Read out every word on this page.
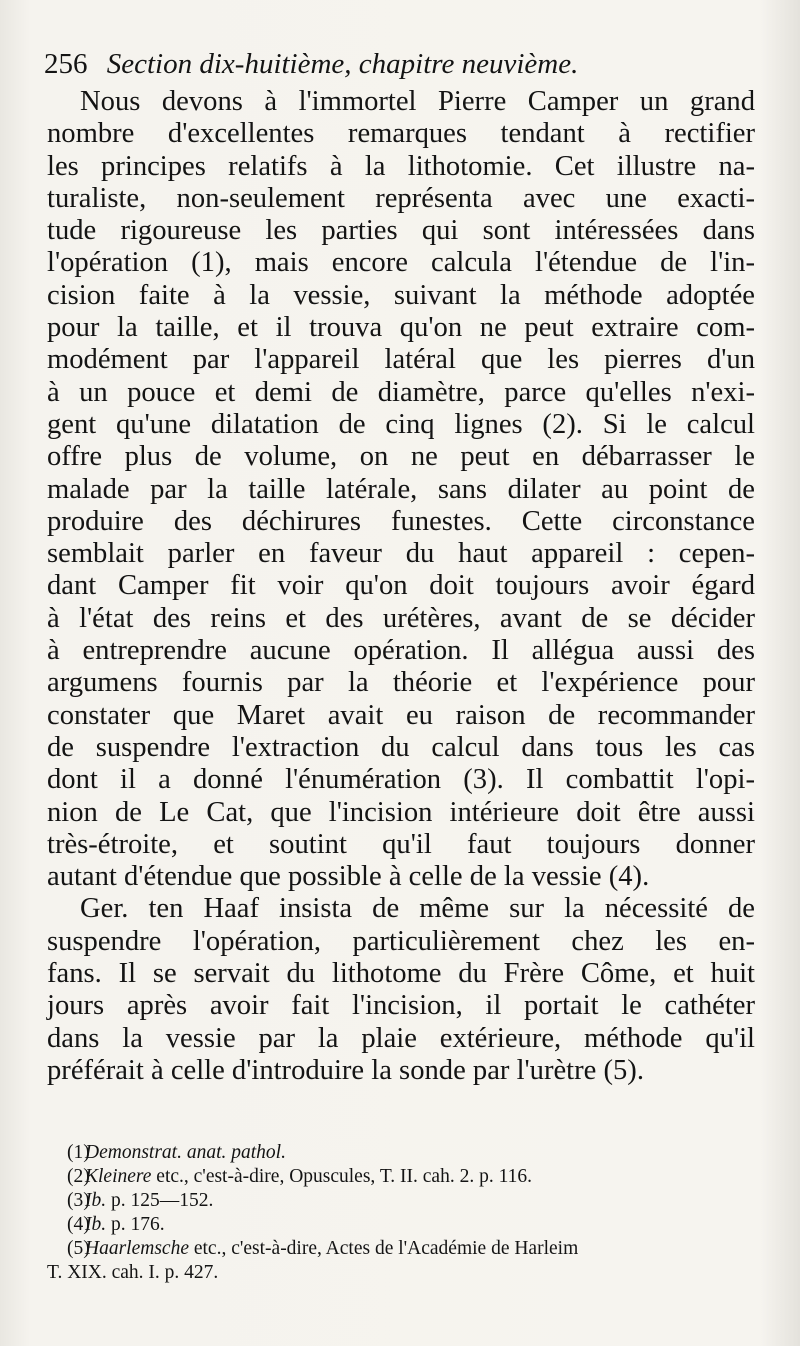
256 Section dix-huitième, chapitre neuvième.
Nous devons à l'immortel Pierre Camper un grand
nombre d'excellentes remarques tendant à rectifier
les principes relatifs à la lithotomie. Cet illustre na-
turaliste, non-seulement représenta avec une exacti-
tude rigoureuse les parties qui sont intéressées dans
l'opération (1), mais encore calcula l'étendue de l'in-
cision faite à la vessie, suivant la méthode adoptée
pour la taille, et il trouva qu'on ne peut extraire com-
modément par l'appareil latéral que les pierres d'un
à un pouce et demi de diamètre, parce qu'elles n'exi-
gent qu'une dilatation de cinq lignes (2). Si le calcul
offre plus de volume, on ne peut en débarrasser le
malade par la taille latérale, sans dilater au point de
produire des déchirures funestes. Cette circonstance
semblait parler en faveur du haut appareil : cepen-
dant Camper fit voir qu'on doit toujours avoir égard
à l'état des reins et des urétères, avant de se décider
à entreprendre aucune opération. Il allégua aussi des
argumens fournis par la théorie et l'expérience pour
constater que Maret avait eu raison de recommander
de suspendre l'extraction du calcul dans tous les cas
dont il a donné l'énumération (3). Il combattit l'opi-
nion de Le Cat, que l'incision intérieure doit être aussi
très-étroite, et soutint qu'il faut toujours donner
autant d'étendue que possible à celle de la vessie (4).
Ger. ten Haaf insista de même sur la nécessité de
suspendre l'opération, particulièrement chez les en-
fans. Il se servait du lithotome du Frère Côme, et huit
jours après avoir fait l'incision, il portait le cathéter
dans la vessie par la plaie extérieure, méthode qu'il
préférait à celle d'introduire la sonde par l'urètre (5).
(1)Demonstrat. anat. pathol.
(2)Kleinere etc., c'est-à-dire, Opuscules, T. II. cah. 2. p. 116.
(3)Ib. p. 125—152.
(4)Ib. p. 176.
(5)Haarlemsche etc., c'est-à-dire, Actes de l'Académie de Harleim
T. XIX. cah. I. p. 427.
